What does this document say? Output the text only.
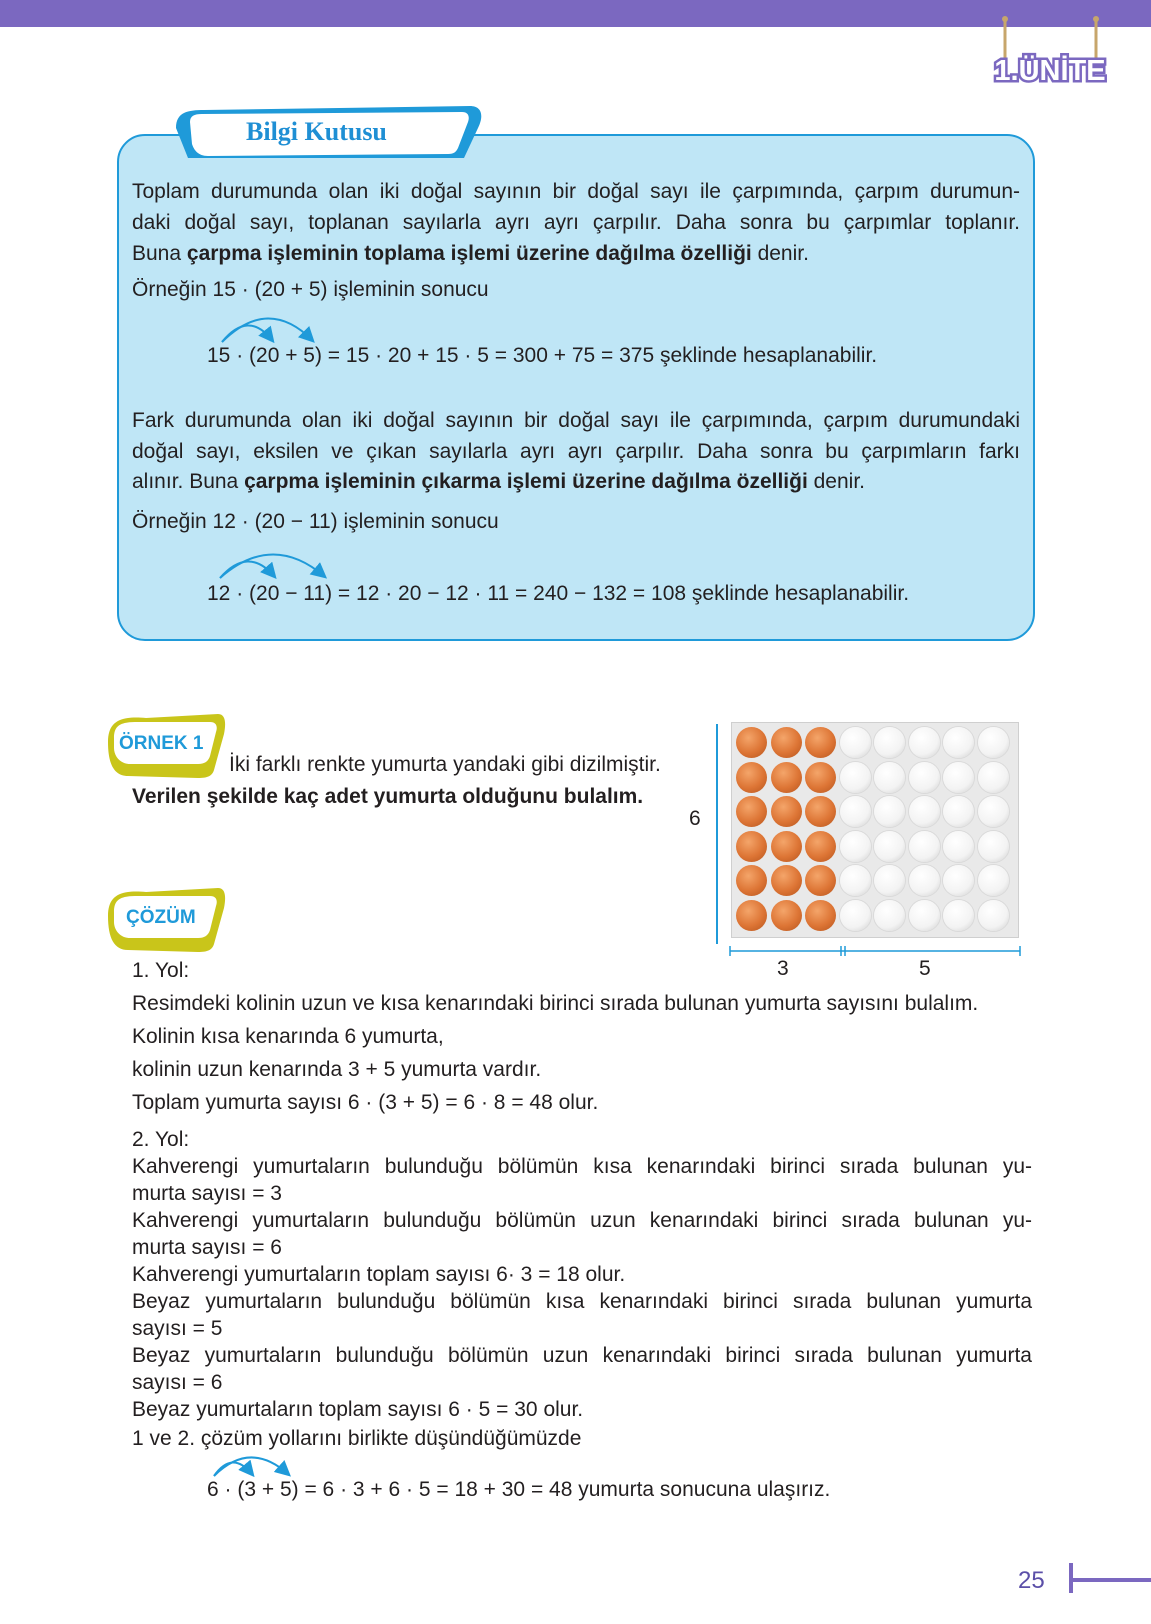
1.ÜNİTE
Bilgi Kutusu
Toplam durumunda olan iki doğal sayının bir doğal sayı ile çarpımında, çarpım durumun-
daki doğal sayı, toplanan sayılarla ayrı ayrı çarpılır. Daha sonra bu çarpımlar toplanır.
Buna çarpma işleminin toplama işlemi üzerine dağılma özelliği denir.
Örneğin 15 · (20 + 5) işleminin sonucu
15 · (20 + 5) = 15 · 20 + 15 · 5 = 300 + 75 = 375 şeklinde hesaplanabilir.
Fark durumunda olan iki doğal sayının bir doğal sayı ile çarpımında, çarpım durumundaki
doğal sayı, eksilen ve çıkan sayılarla ayrı ayrı çarpılır. Daha sonra bu çarpımların farkı
alınır. Buna çarpma işleminin çıkarma işlemi üzerine dağılma özelliği denir.
Örneğin 12 · (20 − 11) işleminin sonucu
12 · (20 − 11) = 12 · 20 − 12 · 11 = 240 − 132 = 108 şeklinde hesaplanabilir.
ÖRNEK 1
İki farklı renkte yumurta yandaki gibi dizilmiştir.
Verilen şekilde kaç adet yumurta olduğunu bulalım.
6
3	5
ÇÖZÜM
1. Yol:
Resimdeki kolinin uzun ve kısa kenarındaki birinci sırada bulunan yumurta sayısını bulalım.
Kolinin kısa kenarında 6 yumurta,
kolinin uzun kenarında 3 + 5 yumurta vardır.
Toplam yumurta sayısı 6 · (3 + 5) = 6 · 8 = 48 olur.
2. Yol:
Kahverengi yumurtaların bulunduğu bölümün kısa kenarındaki birinci sırada bulunan yu-
murta sayısı = 3
Kahverengi yumurtaların bulunduğu bölümün uzun kenarındaki birinci sırada bulunan yu-
murta sayısı = 6
Kahverengi yumurtaların toplam sayısı 6· 3 = 18 olur.
Beyaz yumurtaların bulunduğu bölümün kısa kenarındaki birinci sırada bulunan yumurta
sayısı = 5
Beyaz yumurtaların bulunduğu bölümün uzun kenarındaki birinci sırada bulunan yumurta
sayısı = 6
Beyaz yumurtaların toplam sayısı 6 · 5 = 30 olur.
1 ve 2. çözüm yollarını birlikte düşündüğümüzde
6 · (3 + 5) = 6 · 3 + 6 · 5 = 18 + 30 = 48 yumurta sonucuna ulaşırız.
25
